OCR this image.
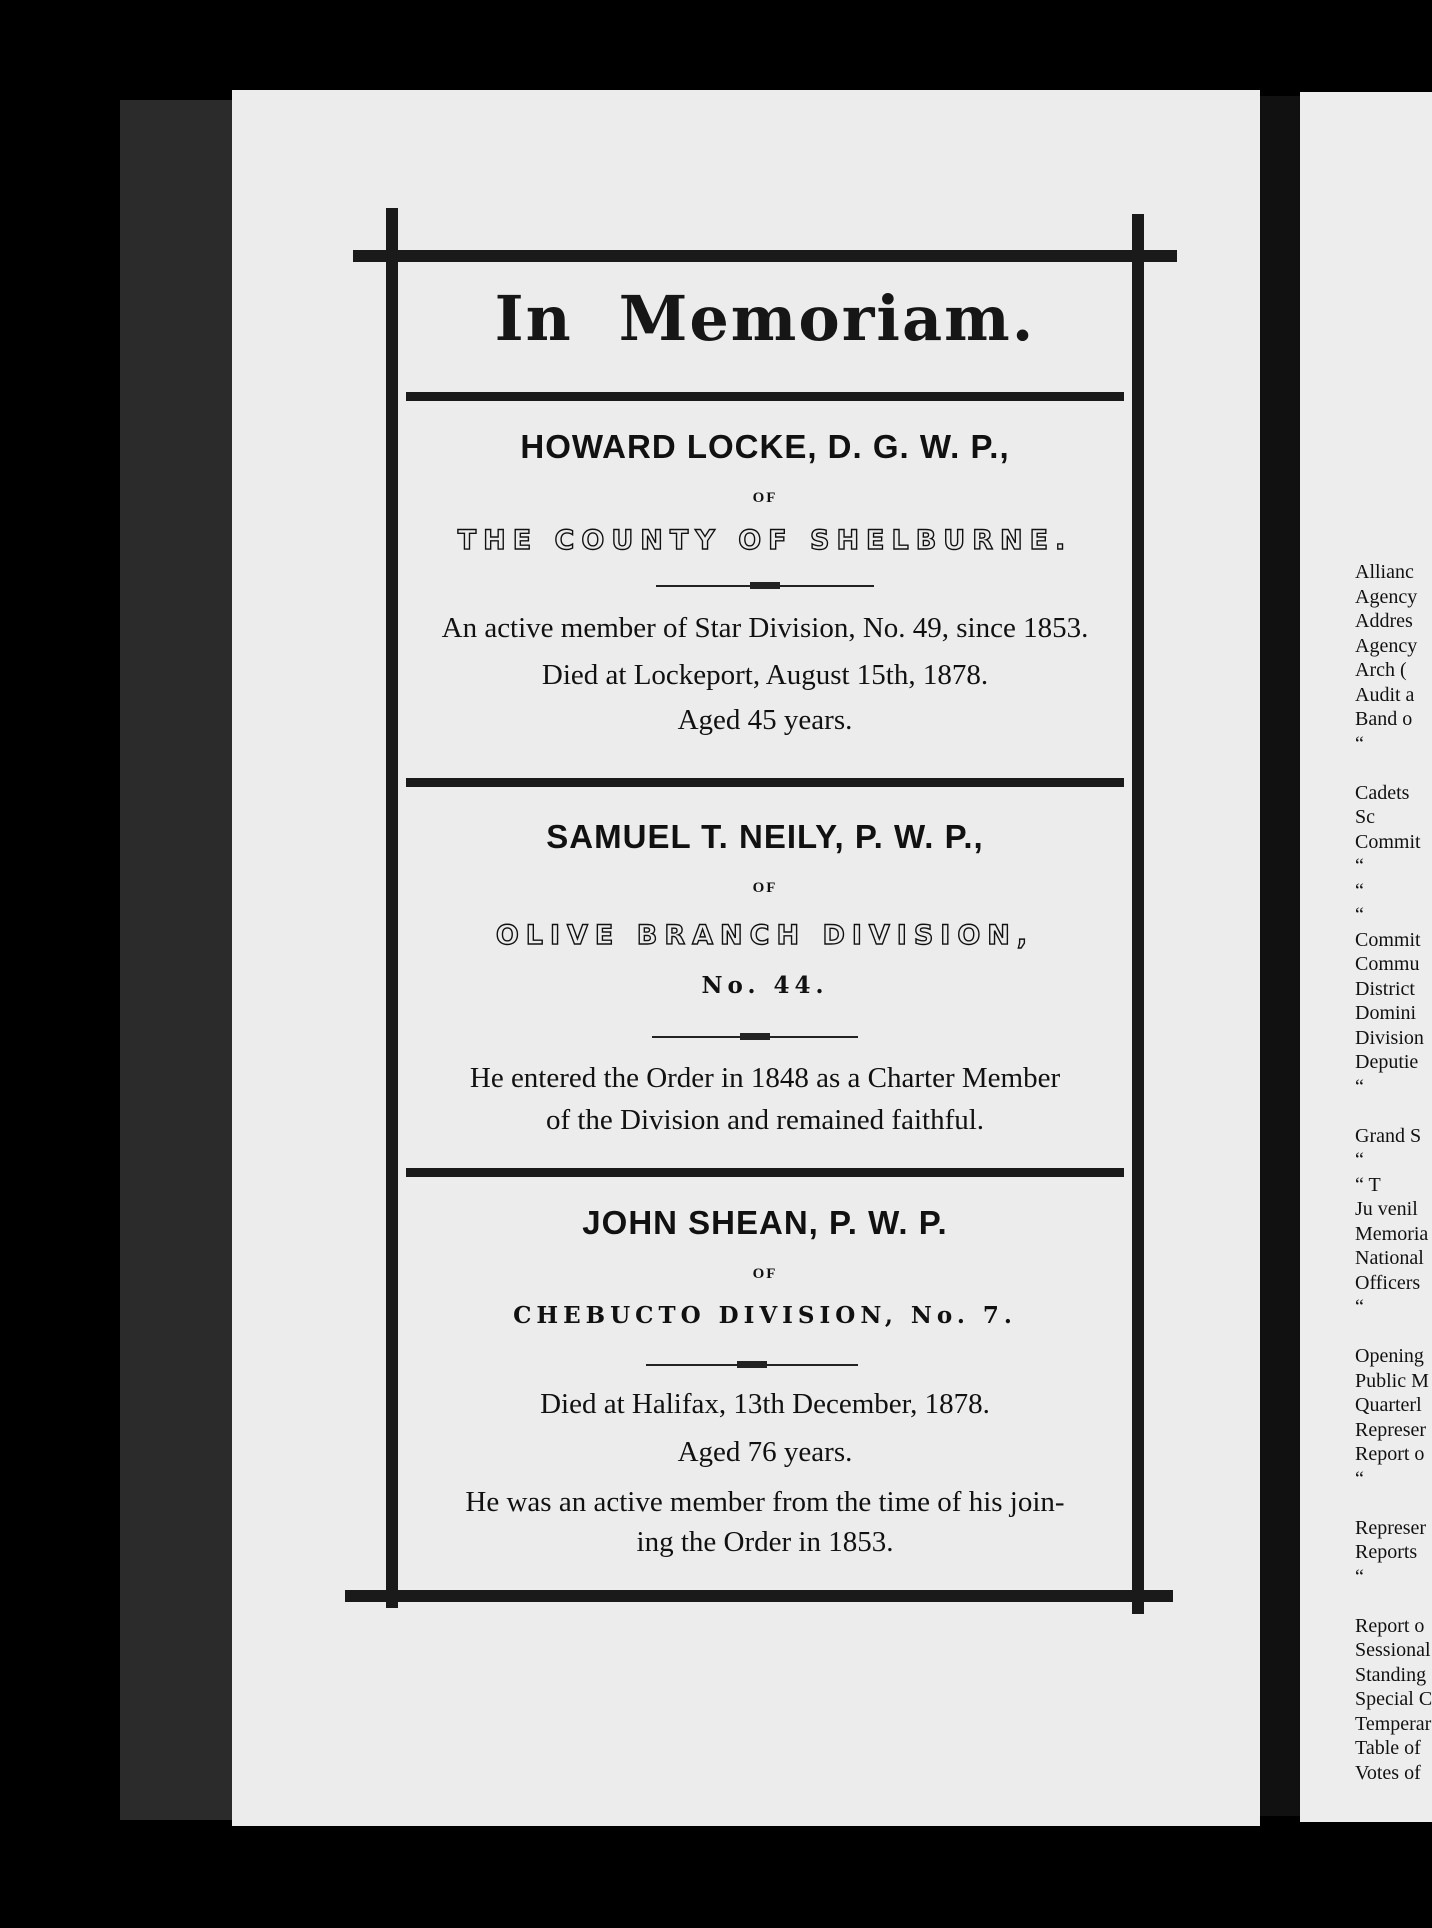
Allianc
Agency
Addres
Agency
Arch (
Audit a
Band o
“
Cadets
Sc
Commit
“
“
“
Commit
Commu
District
Domini
Division
Deputie
“
Grand S
“
“ T
Ju venil
Memoria
National
Officers
“
Opening
Public M
Quarterl
Represer
Report o
“
Represer
Reports
“
Report o
Sessional
Standing
Special C
Temperar
Table of
Votes of
In Memoriam.
HOWARD LOCKE, D. G. W. P.,
OF
THE COUNTY OF SHELBURNE.
An active member of Star Division, No. 49, since 1853.
Died at Lockeport, August 15th, 1878.
Aged 45 years.
SAMUEL T. NEILY, P. W. P.,
OF
OLIVE BRANCH DIVISION,
No. 44.
He entered the Order in 1848 as a Charter Member
of the Division and remained faithful.
JOHN SHEAN, P. W. P.
OF
CHEBUCTO DIVISION, No. 7.
Died at Halifax, 13th December, 1878.
Aged 76 years.
He was an active member from the time of his join-
ing the Order in 1853.
